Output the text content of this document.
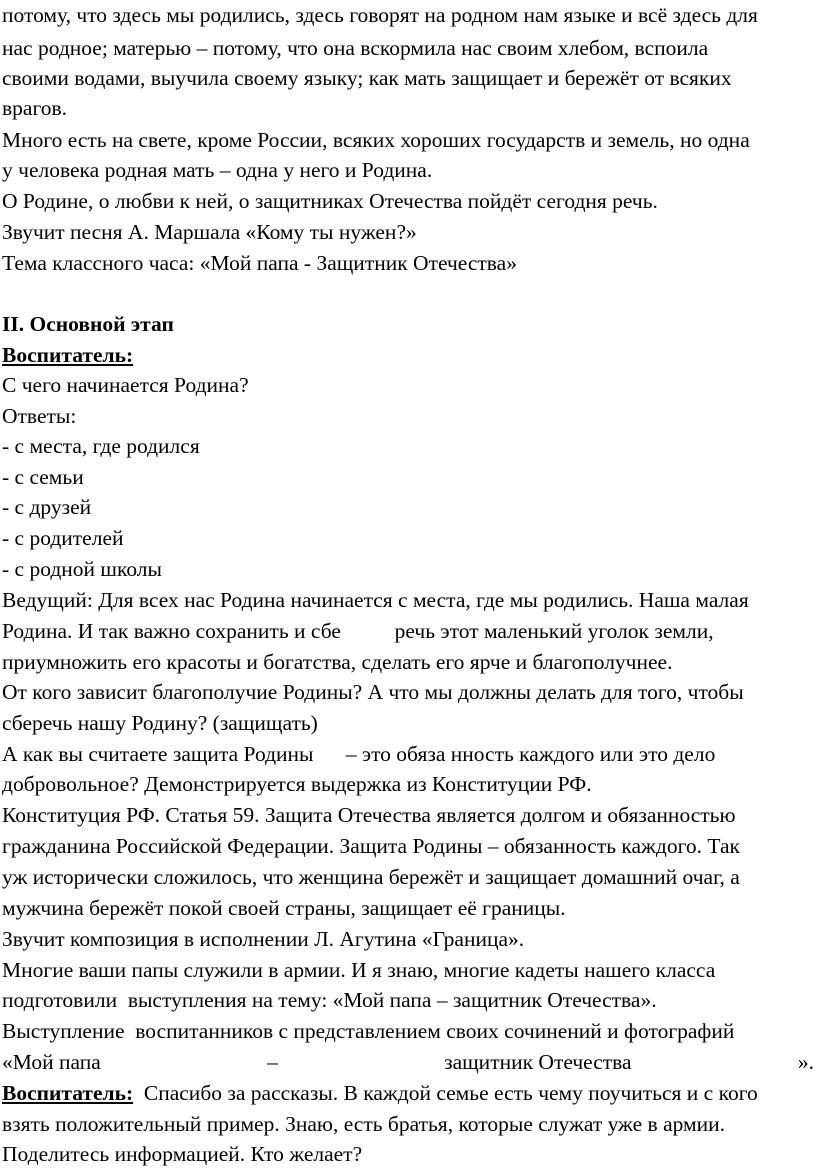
потому, что здесь мы родились, здесь говорят на родном нам языке и всё здесь для
нас родное; матерью – потому, что она вскормила нас своим хлебом, вспоила
своими водами, выучила своему языку; как мать защищает и бережёт от всяких
врагов.
Много есть на свете, кроме России, всяких хороших государств и земель, но одна
у человека родная мать – одна у него и Родина.
О Родине, о любви к ней, о защитниках Отечества пойдёт сегодня речь.
Звучит песня А. Маршала «Кому ты нужен?»
Тема классного часа: «Мой папа - Защитник Отечества»
II. Основной этап
Воспитатель:
С чего начинается Родина?
Ответы:
- с места, где родился
- с семьи
- с друзей
- с родителей
- с родной школы
Ведущий: Для всех нас Родина начинается с места, где мы родились. Наша малая
Родина. И так важно сохранить и сбе          речь этот маленький уголок земли,
приумножить его красоты и богатства, сделать его ярче и благополучнее.
От кого зависит благополучие Родины? А что мы должны делать для того, чтобы
сберечь нашу Родину? (защищать)
А как вы считаете защита Родины      – это обяза нность каждого или это дело
добровольное? Демонстрируется выдержка из Конституции РФ.
Конституция РФ. Статья 59. Защита Отечества является долгом и обязанностью
гражданина Российской Федерации. Защита Родины – обязанность каждого. Так
уж исторически сложилось, что женщина бережёт и защищает домашний очаг, а
мужчина бережёт покой своей страны, защищает её границы.
Звучит композиция в исполнении Л. Агутина «Граница».
Многие ваши папы служили в армии. И я знаю, многие кадеты нашего класса
подготовили  выступления на тему: «Мой папа – защитник Отечества».
Выступление  воспитанников с представлением своих сочинений и фотографий
«Мой папа	–	защитник Отечества	».
Воспитатель:  Спасибо за рассказы. В каждой семье есть чему поучиться и с кого
взять положительный пример. Знаю, есть братья, которые служат уже в армии.
Поделитесь информацией. Кто желает?
